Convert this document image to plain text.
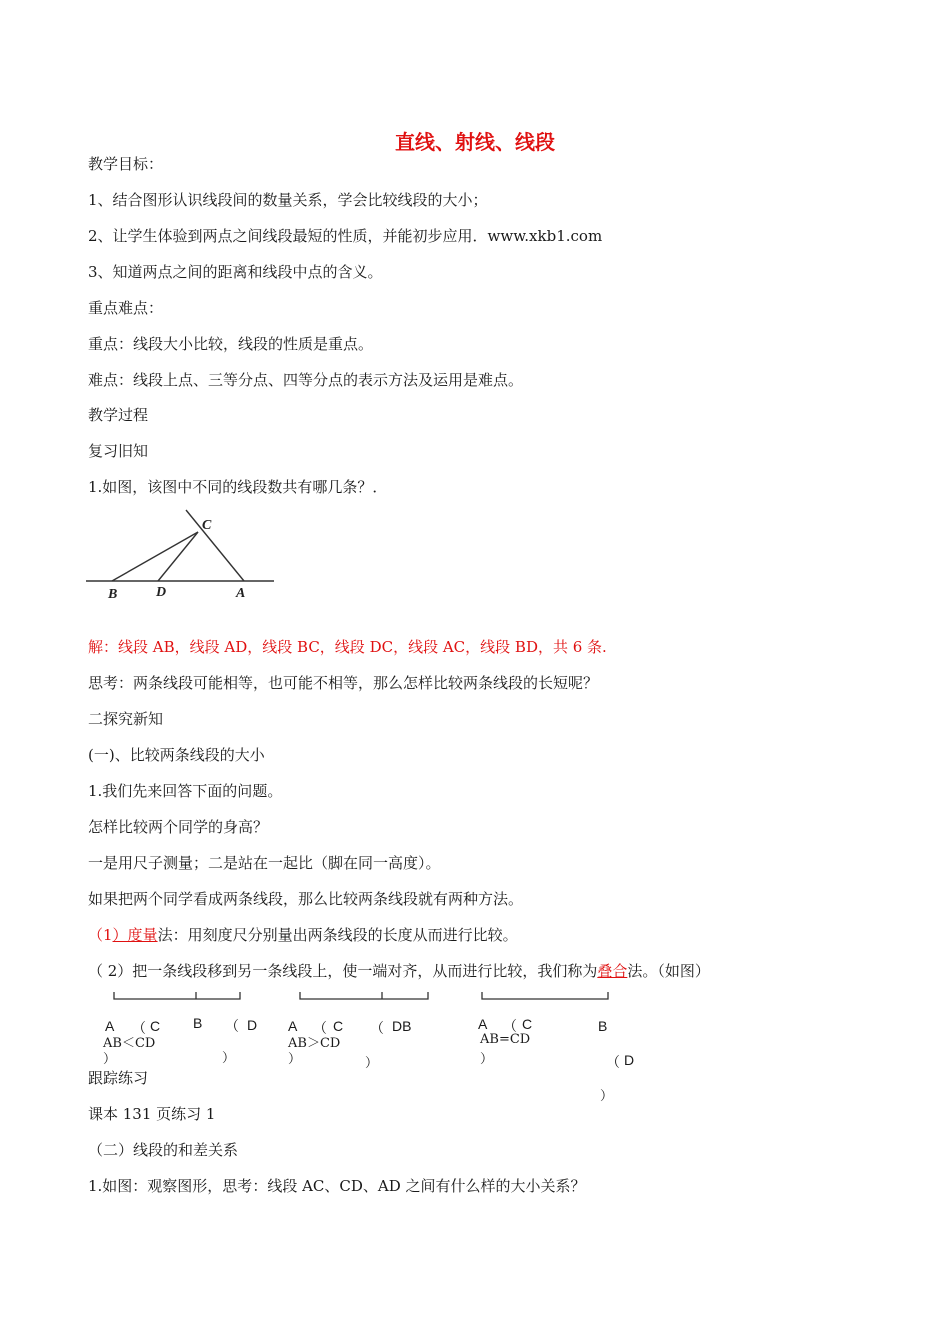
直线、射线、线段
教学目标：
1、结合图形认识线段间的数量关系，学会比较线段的大小；
2、让学生体验到两点之间线段最短的性质，并能初步应用．www.xkb1.com
3、知道两点之间的距离和线段中点的含义。
重点难点：
重点：线段大小比较，线段的性质是重点。
难点：线段上点、三等分点、四等分点的表示方法及运用是难点。
教学过程
复习旧知
1.如图，该图中不同的线段数共有哪几条？．
C
B	D	A
解：线段 AB，线段 AD，线段 BC，线段 DC，线段 AC，线段 BD，共 6 条.
思考：两条线段可能相等，也可能不相等，那么怎样比较两条线段的长短呢？
二探究新知
(一)、比较两条线段的大小
1.我们先来回答下面的问题。
怎样比较两个同学的身高？
一是用尺子测量；二是站在一起比（脚在同一高度）。
如果把两个同学看成两条线段，那么比较两条线段就有两种方法。
（1）度量法：用刻度尺分别量出两条线段的长度从而进行比较。
（ 2）把一条线段移到另一条线段上，使一端对齐，从而进行比较，我们称为叠合法。（如图）
A （ C B （ D
AB＜CD
）	）
A （ C （ DB
AB＞CD
）	）
A （ C	B
AB=CD
）	（ D
）
跟踪练习
课本 131 页练习 1
（二）线段的和差关系
1.如图：观察图形，思考：线段 AC、CD、AD 之间有什么样的大小关系？
